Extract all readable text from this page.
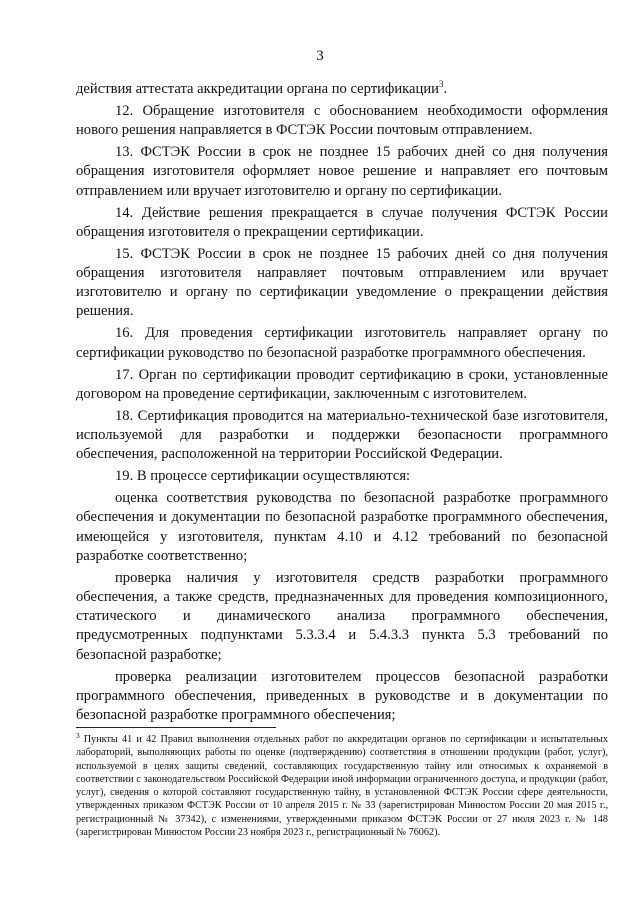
3

действия аттестата аккредитации органа по сертификации$^3$.

12. Обращение изготовителя с обоснованием необходимости оформления нового решения направляется в ФСТЭК России почтовым отправлением.

13. ФСТЭК России в срок не позднее 15 рабочих дней со дня получения обращения изготовителя оформляет новое решение и направляет его почтовым отправлением или вручает изготовителю и органу по сертификации.

14. Действие решения прекращается в случае получения ФСТЭК России обращения изготовителя о прекращении сертификации.

15. ФСТЭК России в срок не позднее 15 рабочих дней со дня получения обращения изготовителя направляет почтовым отправлением или вручает изготовителю и органу по сертификации уведомление о прекращении действия решения.

16. Для проведения сертификации изготовитель направляет органу по сертификации руководство по безопасной разработке программного обеспечения.

17. Орган по сертификации проводит сертификацию в сроки, установленные договором на проведение сертификации, заключенным с изготовителем.

18. Сертификация проводится на материально-технической базе изготовителя, используемой для разработки и поддержки безопасности программного обеспечения, расположенной на территории Российской Федерации.

19. В процессе сертификации осуществляются:

оценка соответствия руководства по безопасной разработке программного обеспечения и документации по безопасной разработке программного обеспечения, имеющейся у изготовителя, пунктам 4.10 и 4.12 требований по безопасной разработке соответственно;

проверка наличия у изготовителя средств разработки программного обеспечения, а также средств, предназначенных для проведения композиционного, статического и динамического анализа программного обеспечения, предусмотренных подпунктами 5.3.3.4 и 5.4.3.3 пункта 5.3 требований по безопасной разработке;

проверка реализации изготовителем процессов безопасной разработки программного обеспечения, приведенных в руководстве и в документации по безопасной разработке программного обеспечения;

3 Пункты 41 и 42 Правил выполнения отдельных работ по аккредитации органов по сертификации и испытательных лабораторий, выполняющих работы по оценке (подтверждению) соответствия в отношении продукции (работ, услуг), используемой в целях защиты сведений, составляющих государственную тайну или относимых к охраняемой в соответствии с законодательством Российской Федерации иной информации ограниченного доступа, и продукции (работ, услуг), сведения о которой составляют государственную тайну, в установленной ФСТЭК России сфере деятельности, утвержденных приказом ФСТЭК России от 10 апреля 2015 г. № 33 (зарегистрирован Минюстом России 20 мая 2015 г., регистрационный № 37342), с изменениями, утвержденными приказом ФСТЭК России от 27 июля 2023 г. № 148 (зарегистрирован Минюстом России 23 ноября 2023 г., регистрационный № 76062).
